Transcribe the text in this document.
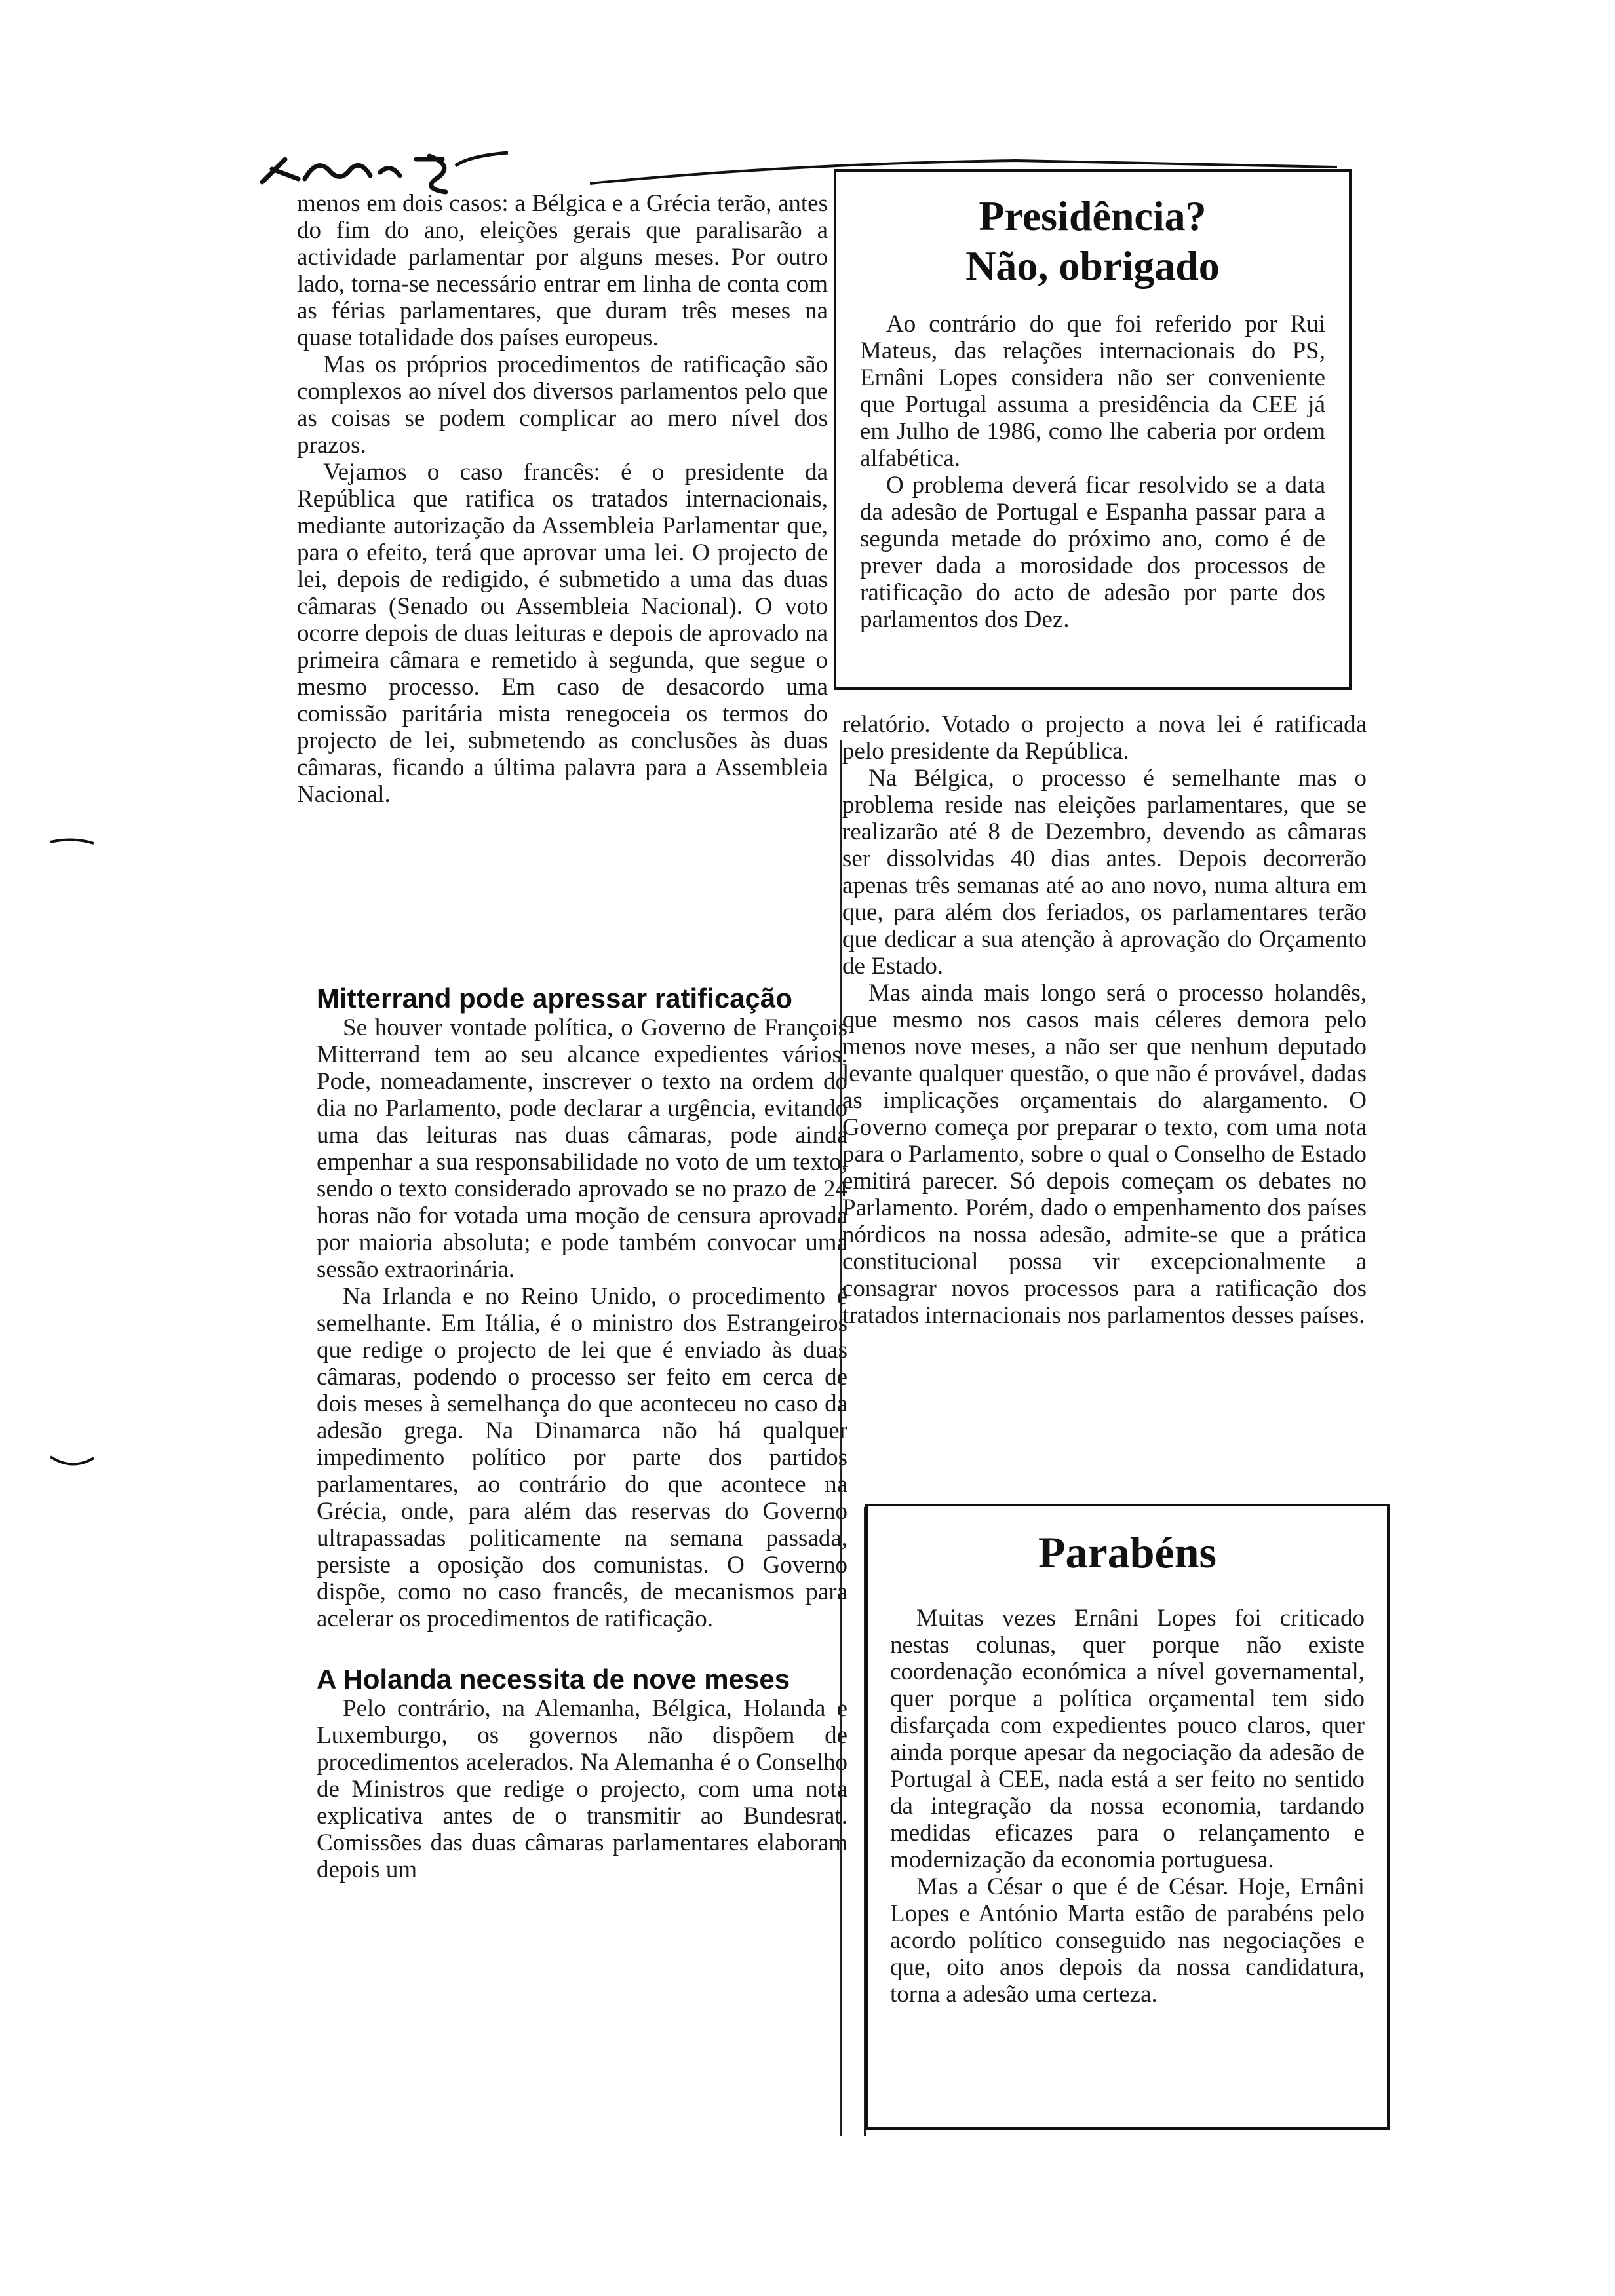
menos em dois casos: a Bélgica e a Grécia terão, antes do fim do ano, eleições gerais que paralisarão a actividade parlamentar por alguns meses. Por outro lado, torna-se necessário entrar em linha de conta com as férias parlamentares, que duram três meses na quase totalidade dos países europeus.

Mas os próprios procedimentos de ratificação são complexos ao nível dos diversos parlamentos pelo que as coisas se podem complicar ao mero nível dos prazos.

Vejamos o caso francês: é o presidente da República que ratifica os tratados internacionais, mediante autorização da Assembleia Parlamentar que, para o efeito, terá que aprovar uma lei. O projecto de lei, depois de redigido, é submetido a uma das duas câmaras (Senado ou Assembleia Nacional). O voto ocorre depois de duas leituras e depois de aprovado na primeira câmara e remetido à segunda, que segue o mesmo processo. Em caso de desacordo uma comissão paritária mista renegoceia os termos do projecto de lei, submetendo as conclusões às duas câmaras, ficando a última palavra para a Assembleia Nacional.

Mitterrand pode apressar ratificação

Se houver vontade política, o Governo de François Mitterrand tem ao seu alcance expedientes vários. Pode, nomeadamente, inscrever o texto na ordem do dia no Parlamento, pode declarar a urgência, evitando uma das leituras nas duas câmaras, pode ainda empenhar a sua responsabilidade no voto de um texto, sendo o texto considerado aprovado se no prazo de 24 horas não for votada uma moção de censura aprovada por maioria absoluta; e pode também convocar uma sessão extraorinária.

Na Irlanda e no Reino Unido, o procedimento é semelhante. Em Itália, é o ministro dos Estrangeiros que redige o projecto de lei que é enviado às duas câmaras, podendo o processo ser feito em cerca de dois meses à semelhança do que aconteceu no caso da adesão grega. Na Dinamarca não há qualquer impedimento político por parte dos partidos parlamentares, ao contrário do que acontece na Grécia, onde, para além das reservas do Governo ultrapassadas politicamente na semana passada, persiste a oposição dos comunistas. O Governo dispõe, como no caso francês, de mecanismos para acelerar os procedimentos de ratificação.

A Holanda necessita de nove meses

Pelo contrário, na Alemanha, Bélgica, Holanda e Luxemburgo, os governos não dispõem de procedimentos acelerados. Na Alemanha é o Conselho de Ministros que redige o projecto, com uma nota explicativa antes de o transmitir ao Bundesrat. Comissões das duas câmaras parlamentares elaboram depois um

Presidência?

Não, obrigado

Ao contrário do que foi referido por Rui Mateus, das relações internacionais do PS, Ernâni Lopes considera não ser conveniente que Portugal assuma a presidência da CEE já em Julho de 1986, como lhe caberia por ordem alfabética.

O problema deverá ficar resolvido se a data da adesão de Portugal e Espanha passar para a segunda metade do próximo ano, como é de prever dada a morosidade dos processos de ratificação do acto de adesão por parte dos parlamentos dos Dez.

relatório. Votado o projecto a nova lei é ratificada pelo presidente da República.

Na Bélgica, o processo é semelhante mas o problema reside nas eleições parlamentares, que se realizarão até 8 de Dezembro, devendo as câmaras ser dissolvidas 40 dias antes. Depois decorrerão apenas três semanas até ao ano novo, numa altura em que, para além dos feriados, os parlamentares terão que dedicar a sua atenção à aprovação do Orçamento de Estado.

Mas ainda mais longo será o processo holandês, que mesmo nos casos mais céleres demora pelo menos nove meses, a não ser que nenhum deputado levante qualquer questão, o que não é provável, dadas as implicações orçamentais do alargamento. O Governo começa por preparar o texto, com uma nota para o Parlamento, sobre o qual o Conselho de Estado emitirá parecer. Só depois começam os debates no Parlamento. Porém, dado o empenhamento dos países nórdicos na nossa adesão, admite-se que a prática constitucional possa vir excepcionalmente a consagrar novos processos para a ratificação dos tratados internacionais nos parlamentos desses países.

Parabéns

Muitas vezes Ernâni Lopes foi criticado nestas colunas, quer porque não existe coordenação económica a nível governamental, quer porque a política orçamental tem sido disfarçada com expedientes pouco claros, quer ainda porque apesar da negociação da adesão de Portugal à CEE, nada está a ser feito no sentido da integração da nossa economia, tardando medidas eficazes para o relançamento e modernização da economia portuguesa.

Mas a César o que é de César. Hoje, Ernâni Lopes e António Marta estão de parabéns pelo acordo político conseguido nas negociações e que, oito anos depois da nossa candidatura, torna a adesão uma certeza.
